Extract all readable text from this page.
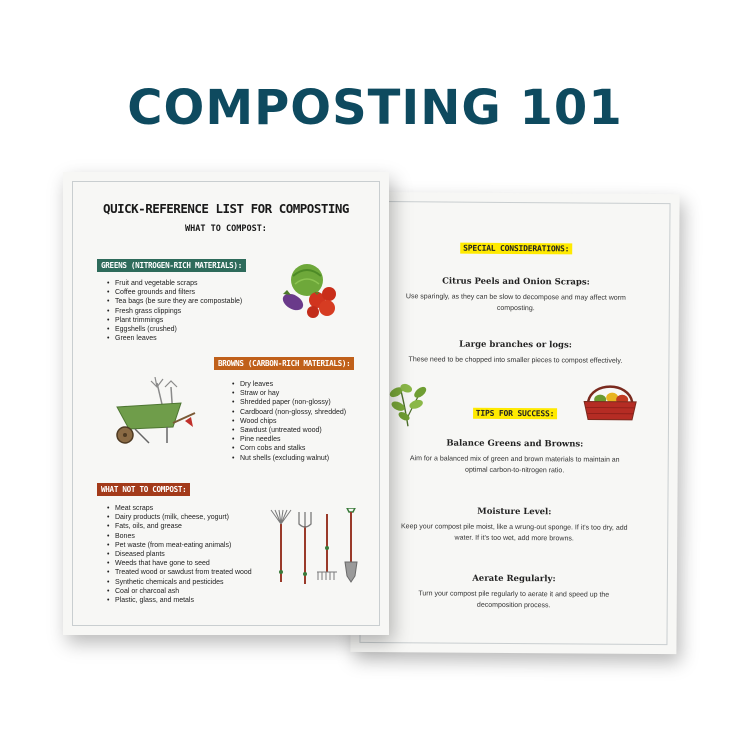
COMPOSTING 101
SPECIAL CONSIDERATIONS:
Citrus Peels and Onion Scraps:
Use sparingly, as they can be slow to decompose and may affect worm
composting.
Large branches or logs:
These need to be chopped into smaller pieces to compost effectively.
TIPS FOR SUCCESS:
Balance Greens and Browns:
Aim for a balanced mix of green and brown materials to maintain an
optimal carbon-to-nitrogen ratio.
Moisture Level:
Keep your compost pile moist, like a wrung-out sponge. If it's too dry, add
water. If it's too wet, add more browns.
Aerate Regularly:
Turn your compost pile regularly to aerate it and speed up the
decomposition process.
QUICK-REFERENCE LIST FOR COMPOSTING
WHAT TO COMPOST:
GREENS (NITROGEN-RICH MATERIALS):
• Fruit and vegetable scraps
• Coffee grounds and filters
• Tea bags (be sure they are compostable)
• Fresh grass clippings
• Plant trimmings
• Eggshells (crushed)
• Green leaves
BROWNS (CARBON-RICH MATERIALS):
• Dry leaves
• Straw or hay
• Shredded paper (non-glossy)
• Cardboard (non-glossy, shredded)
• Wood chips
• Sawdust (untreated wood)
• Pine needles
• Corn cobs and stalks
• Nut shells (excluding walnut)
WHAT NOT TO COMPOST:
• Meat scraps
• Dairy products (milk, cheese, yogurt)
• Fats, oils, and grease
• Bones
• Pet waste (from meat-eating animals)
• Diseased plants
• Weeds that have gone to seed
• Treated wood or sawdust from treated wood
• Synthetic chemicals and pesticides
• Coal or charcoal ash
• Plastic, glass, and metals
